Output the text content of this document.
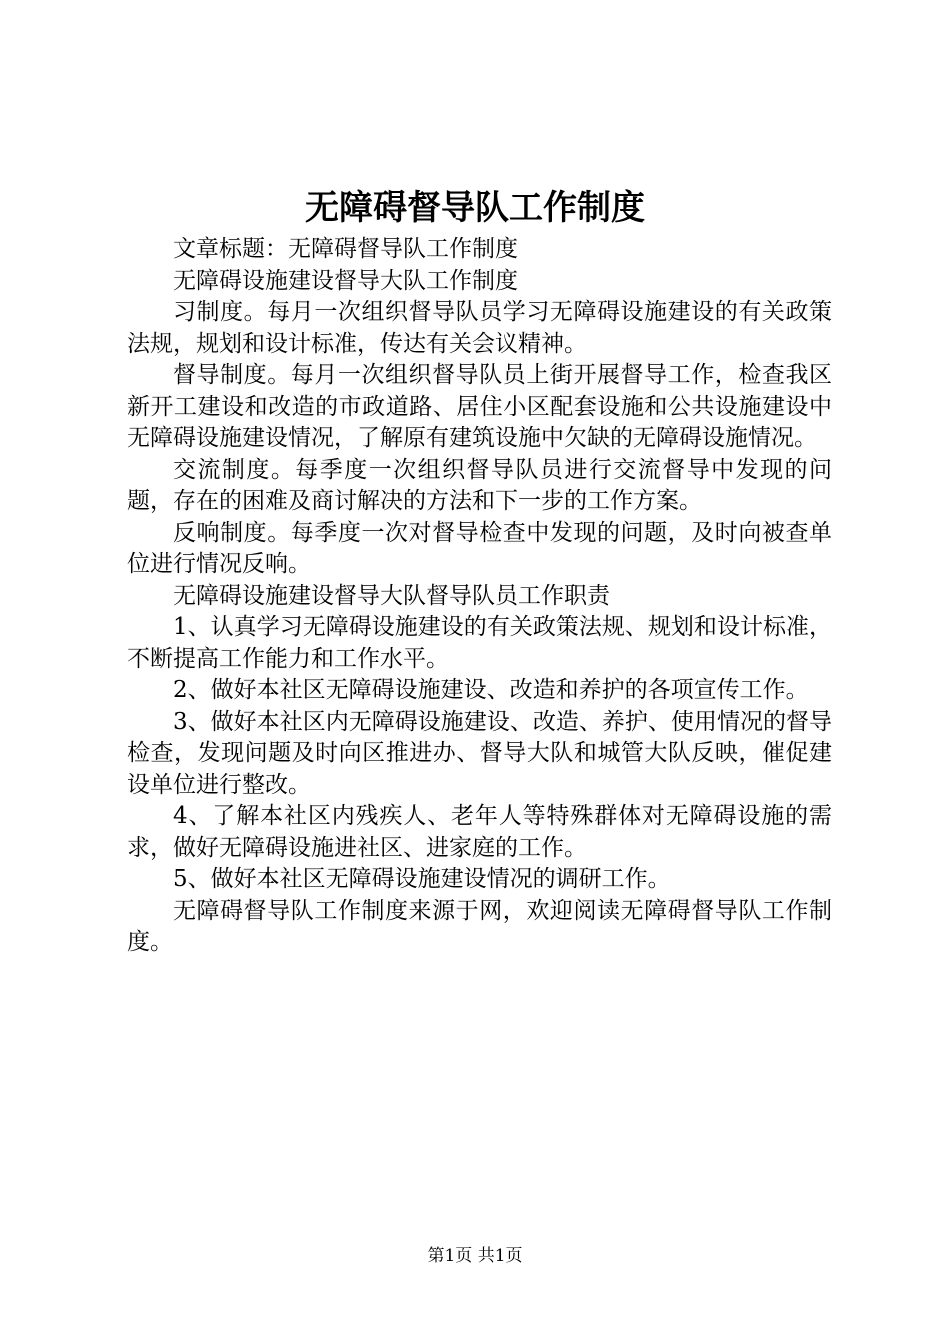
无障碍督导队工作制度

文章标题：无障碍督导队工作制度

无障碍设施建设督导大队工作制度

习制度。每月一次组织督导队员学习无障碍设施建设的有关政策法规，规划和设计标准，传达有关会议精神。

督导制度。每月一次组织督导队员上街开展督导工作，检查我区新开工建设和改造的市政道路、居住小区配套设施和公共设施建设中无障碍设施建设情况，了解原有建筑设施中欠缺的无障碍设施情况。

交流制度。每季度一次组织督导队员进行交流督导中发现的问题，存在的困难及商讨解决的方法和下一步的工作方案。

反响制度。每季度一次对督导检查中发现的问题，及时向被查单位进行情况反响。

无障碍设施建设督导大队督导队员工作职责

1、认真学习无障碍设施建设的有关政策法规、规划和设计标准，不断提高工作能力和工作水平。

2、做好本社区无障碍设施建设、改造和养护的各项宣传工作。

3、做好本社区内无障碍设施建设、改造、养护、使用情况的督导检查，发现问题及时向区推进办、督导大队和城管大队反映，催促建设单位进行整改。

4、了解本社区内残疾人、老年人等特殊群体对无障碍设施的需求，做好无障碍设施进社区、进家庭的工作。

5、做好本社区无障碍设施建设情况的调研工作。

无障碍督导队工作制度来源于网，欢迎阅读无障碍督导队工作制度。

第1页 共1页
